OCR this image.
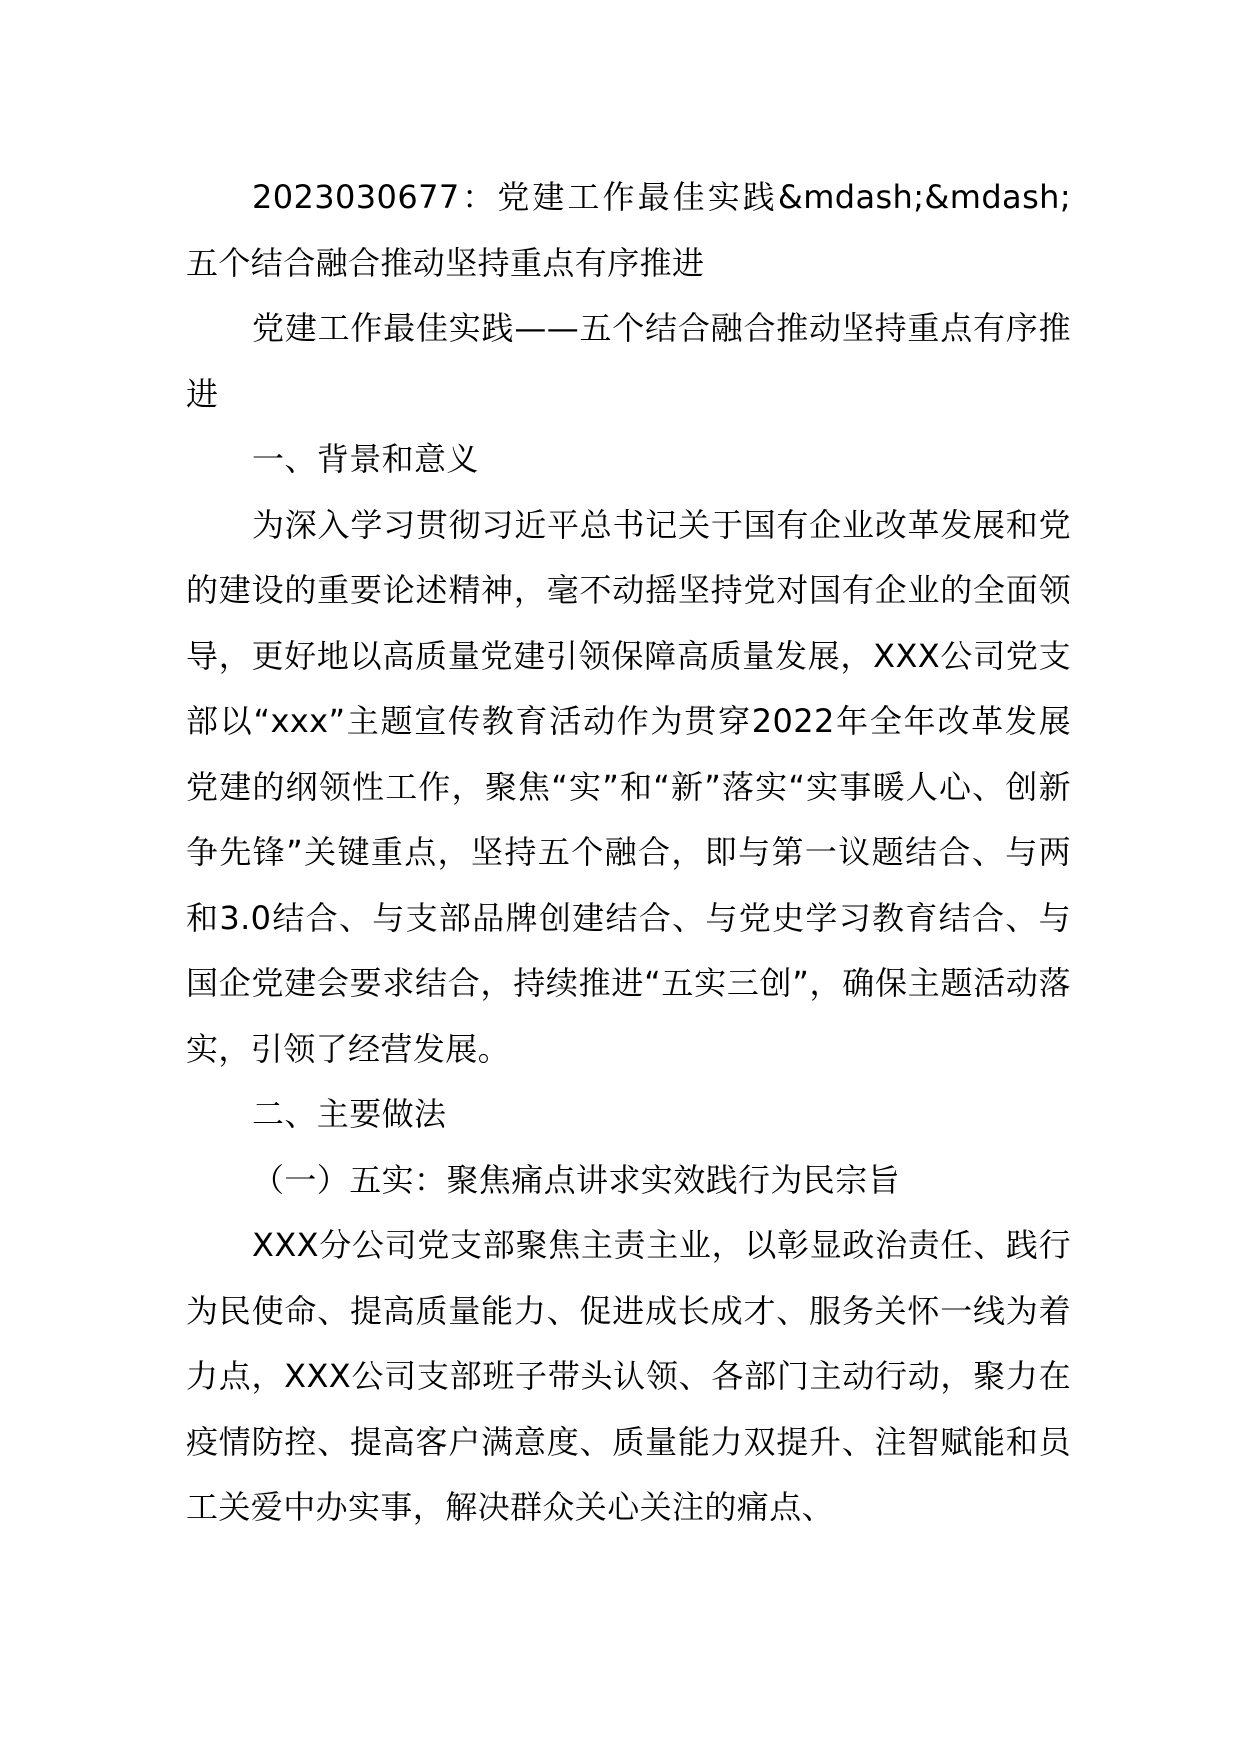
2023030677：党建工作最佳实践&mdash;&mdash;五个结合融合推动坚持重点有序推进

党建工作最佳实践——五个结合融合推动坚持重点有序推进

一、背景和意义

为深入学习贯彻习近平总书记关于国有企业改革发展和党的建设的重要论述精神，毫不动摇坚持党对国有企业的全面领导，更好地以高质量党建引领保障高质量发展，XXX公司党支部以“xxx”主题宣传教育活动作为贯穿2022年全年改革发展党建的纲领性工作，聚焦“实”和“新”落实“实事暖人心、创新争先锋”关键重点，坚持五个融合，即与第一议题结合、与两和3.0结合、与支部品牌创建结合、与党史学习教育结合、与国企党建会要求结合，持续推进“五实三创”，确保主题活动落实，引领了经营发展。

二、主要做法

（一）五实：聚焦痛点讲求实效践行为民宗旨

XXX分公司党支部聚焦主责主业，以彰显政治责任、践行为民使命、提高质量能力、促进成长成才、服务关怀一线为着力点，XXX公司支部班子带头认领、各部门主动行动，聚力在疫情防控、提高客户满意度、质量能力双提升、注智赋能和员工关爱中办实事，解决群众关心关注的痛点、
